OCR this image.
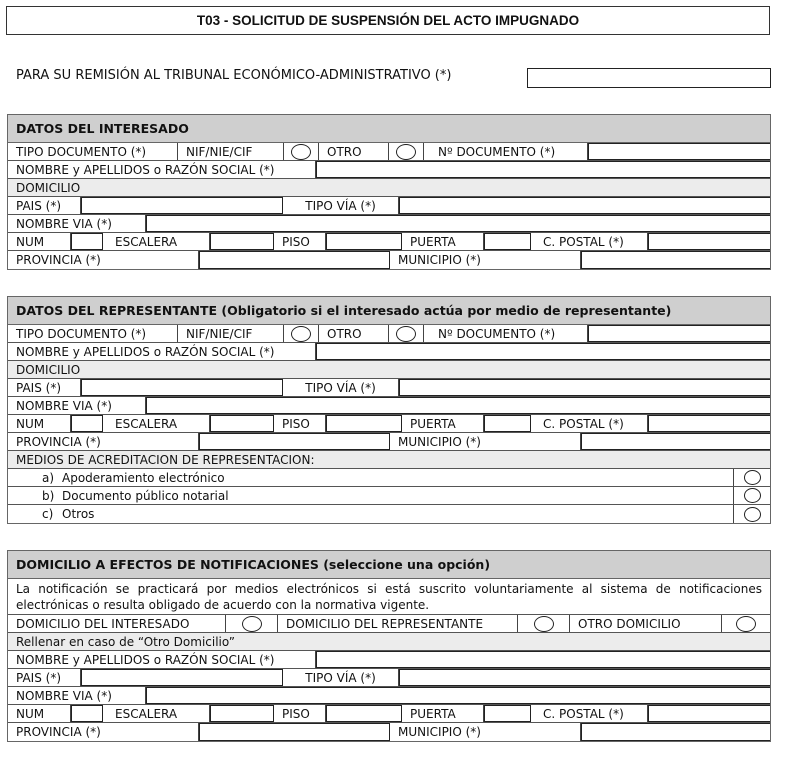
T03 - SOLICITUD DE SUSPENSIÓN DEL ACTO IMPUGNADO
PARA SU REMISIÓN AL TRIBUNAL ECONÓMICO-ADMINISTRATIVO (*)
DATOS DEL INTERESADO
TIPO DOCUMENTO (*)	NIF/NIE/CIF	OTRO	Nº DOCUMENTO (*)
NOMBRE y APELLIDOS o RAZÓN SOCIAL (*)
DOMICILIO
PAIS (*)	TIPO VÍA (*)
NOMBRE VIA (*)
NUM	ESCALERA	PISO	PUERTA	C. POSTAL (*)
PROVINCIA (*)	MUNICIPIO (*)
DATOS DEL REPRESENTANTE (Obligatorio si el interesado actúa por medio de representante)
TIPO DOCUMENTO (*)	NIF/NIE/CIF	OTRO	Nº DOCUMENTO (*)
NOMBRE y APELLIDOS o RAZÓN SOCIAL (*)
DOMICILIO
PAIS (*)	TIPO VÍA (*)
NOMBRE VIA (*)
NUM	ESCALERA	PISO	PUERTA	C. POSTAL (*)
PROVINCIA (*)	MUNICIPIO (*)
MEDIOS DE ACREDITACION DE REPRESENTACION:
a) Apoderamiento electrónico
b) Documento público notarial
c) Otros
DOMICILIO A EFECTOS DE NOTIFICACIONES (seleccione una opción)
La notificación se practicará por medios electrónicos si está suscrito voluntariamente al sistema de notificaciones electrónicas o resulta obligado de acuerdo con la normativa vigente.
DOMICILIO DEL INTERESADO	DOMICILIO DEL REPRESENTANTE	OTRO DOMICILIO
Rellenar en caso de “Otro Domicilio”
NOMBRE y APELLIDOS o RAZÓN SOCIAL (*)
PAIS (*)	TIPO VÍA (*)
NOMBRE VIA (*)
NUM	ESCALERA	PISO	PUERTA	C. POSTAL (*)
PROVINCIA (*)	MUNICIPIO (*)
